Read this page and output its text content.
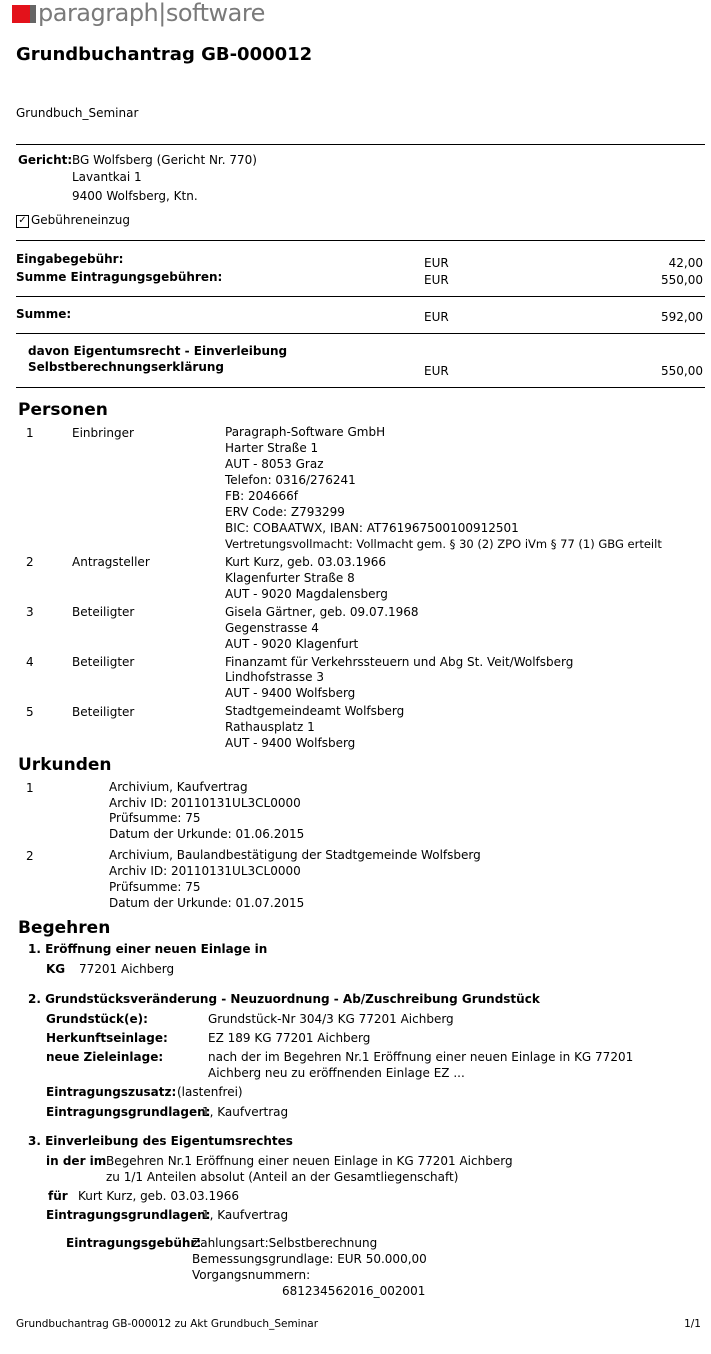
paragraph|software
Grundbuchantrag GB-000012
Grundbuch_Seminar
Gericht: BG Wolfsberg (Gericht Nr. 770)
Lavantkai 1
9400 Wolfsberg, Ktn.
✓ Gebühreneinzug
Eingabegebühr:	EUR	42,00
Summe Eintragungsgebühren:	EUR	550,00
Summe:	EUR	592,00
davon Eigentumsrecht - Einverleibung
Selbstberechnungserklärung	EUR	550,00
Personen
1	Einbringer	Paragraph-Software GmbH
Harter Straße 1
AUT - 8053 Graz
Telefon: 0316/276241
FB: 204666f
ERV Code: Z793299
BIC: COBAATWX, IBAN: AT761967500100912501
Vertretungsvollmacht: Vollmacht gem. § 30 (2) ZPO iVm § 77 (1) GBG erteilt
2	Antragsteller	Kurt Kurz, geb. 03.03.1966
Klagenfurter Straße 8
AUT - 9020 Magdalensberg
3	Beteiligter	Gisela Gärtner, geb. 09.07.1968
Gegenstrasse 4
AUT - 9020 Klagenfurt
4	Beteiligter	Finanzamt für Verkehrssteuern und Abg St. Veit/Wolfsberg
Lindhofstrasse 3
AUT - 9400 Wolfsberg
5	Beteiligter	Stadtgemeindeamt Wolfsberg
Rathausplatz 1
AUT - 9400 Wolfsberg
Urkunden
1	Archivium, Kaufvertrag
Archiv ID: 20110131UL3CL0000
Prüfsumme: 75
Datum der Urkunde: 01.06.2015
2	Archivium, Baulandbestätigung der Stadtgemeinde Wolfsberg
Archiv ID: 20110131UL3CL0000
Prüfsumme: 75
Datum der Urkunde: 01.07.2015
Begehren
1. Eröffnung einer neuen Einlage in
KG 77201 Aichberg
2. Grundstücksveränderung - Neuzuordnung - Ab/Zuschreibung Grundstück
Grundstück(e):	Grundstück-Nr 304/3 KG 77201 Aichberg
Herkunftseinlage:	EZ 189 KG 77201 Aichberg
neue Zieleinlage:	nach der im Begehren Nr.1 Eröffnung einer neuen Einlage in KG 77201
Aichberg neu zu eröffnenden Einlage EZ ...
Eintragungszusatz: (lastenfrei)
Eintragungsgrundlagen:
1, Kaufvertrag
3. Einverleibung des Eigentumsrechtes
in der im Begehren Nr.1 Eröffnung einer neuen Einlage in KG 77201 Aichberg
zu 1/1 Anteilen absolut (Anteil an der Gesamtliegenschaft)
für Kurt Kurz, geb. 03.03.1966
Eintragungsgrundlagen:
1, Kaufvertrag
Eintragungsgebühr:
Zahlungsart:Selbstberechnung
Bemessungsgrundlage: EUR 50.000,00
Vorgangsnummern:
681234562016_002001
Grundbuchantrag GB-000012 zu Akt Grundbuch_Seminar	1/1
